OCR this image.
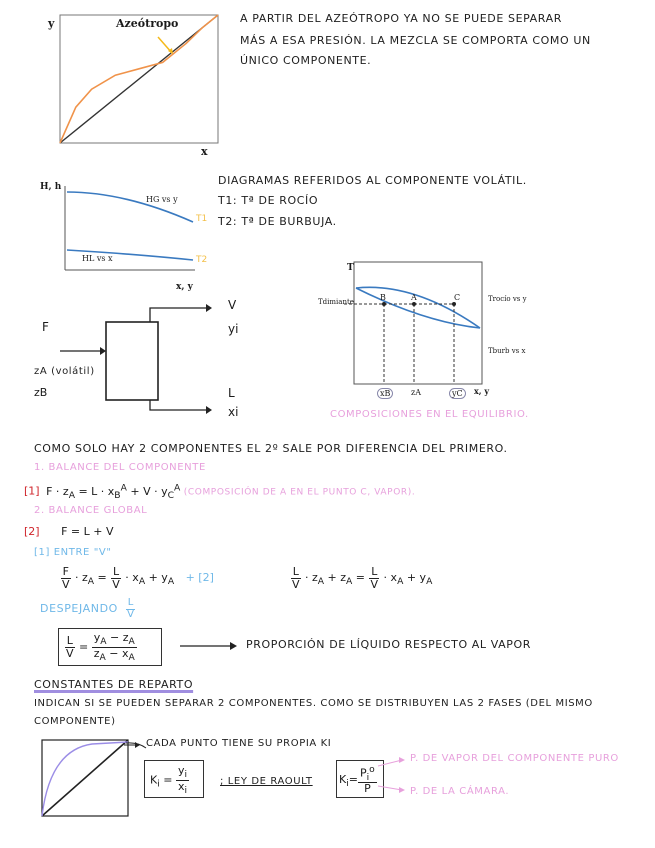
y
x
Azeótropo	A PARTIR DEL AZEÓTROPO YA NO SE PUEDE SEPARAR
MÁS A ESA PRESIÓN. LA MEZCLA SE COMPORTA COMO UN
ÚNICO COMPONENTE.
H, h
x, y
HG vs y
HL vs x
T1
T2
DIAGRAMAS REFERIDOS AL COMPONENTE VOLÁTIL.
T1: Tª DE ROCÍO
T2: Tª DE BURBUJA.
F
V
yi
L
xi
zA (volátil)
zB
T
B	A	C
Tdimiante	Trocío vs y
Tburb vs x
xB	zA	yC	x, y
COMPOSICIONES EN EL EQUILIBRIO.
COMO SOLO HAY 2 COMPONENTES EL 2º SALE POR DIFERENCIA DEL PRIMERO.
1. BALANCE DEL COMPONENTE
[1] $F \cdot z_A = L \cdot x_B^A + V \cdot y_C^A$ (COMPOSICIÓN DE A EN EL PUNTO C, VAPOR).
2. BALANCE GLOBAL
[2] F = L + V
[1] ENTRE "V"
$\frac{F}{V} \cdot z_A = \frac{L}{V} \cdot x_A + y_A + [2]$	$\frac{L}{V} \cdot z_A + z_A = \frac{L}{V} \cdot x_A + y_A$
DESPEJANDO $\frac{L}{V}$
$\frac{L}{V} = \frac{y_A - z_A}{z_A - x_A}$	PROPORCIÓN DE LÍQUIDO RESPECTO AL VAPOR
CONSTANTES DE REPARTO
INDICAN SI SE PUEDEN SEPARAR 2 COMPONENTES. COMO SE DISTRIBUYEN LAS 2 FASES (DEL MISMO
COMPONENTE)
CADA PUNTO TIENE SU PROPIA KI
$K_i = \frac{y_i}{x_i}$	; LEY DE RAOULT $K_i= \frac{P_i^o}{P}$
P. DE VAPOR DEL COMPONENTE PURO
P. DE LA CÁMARA.
